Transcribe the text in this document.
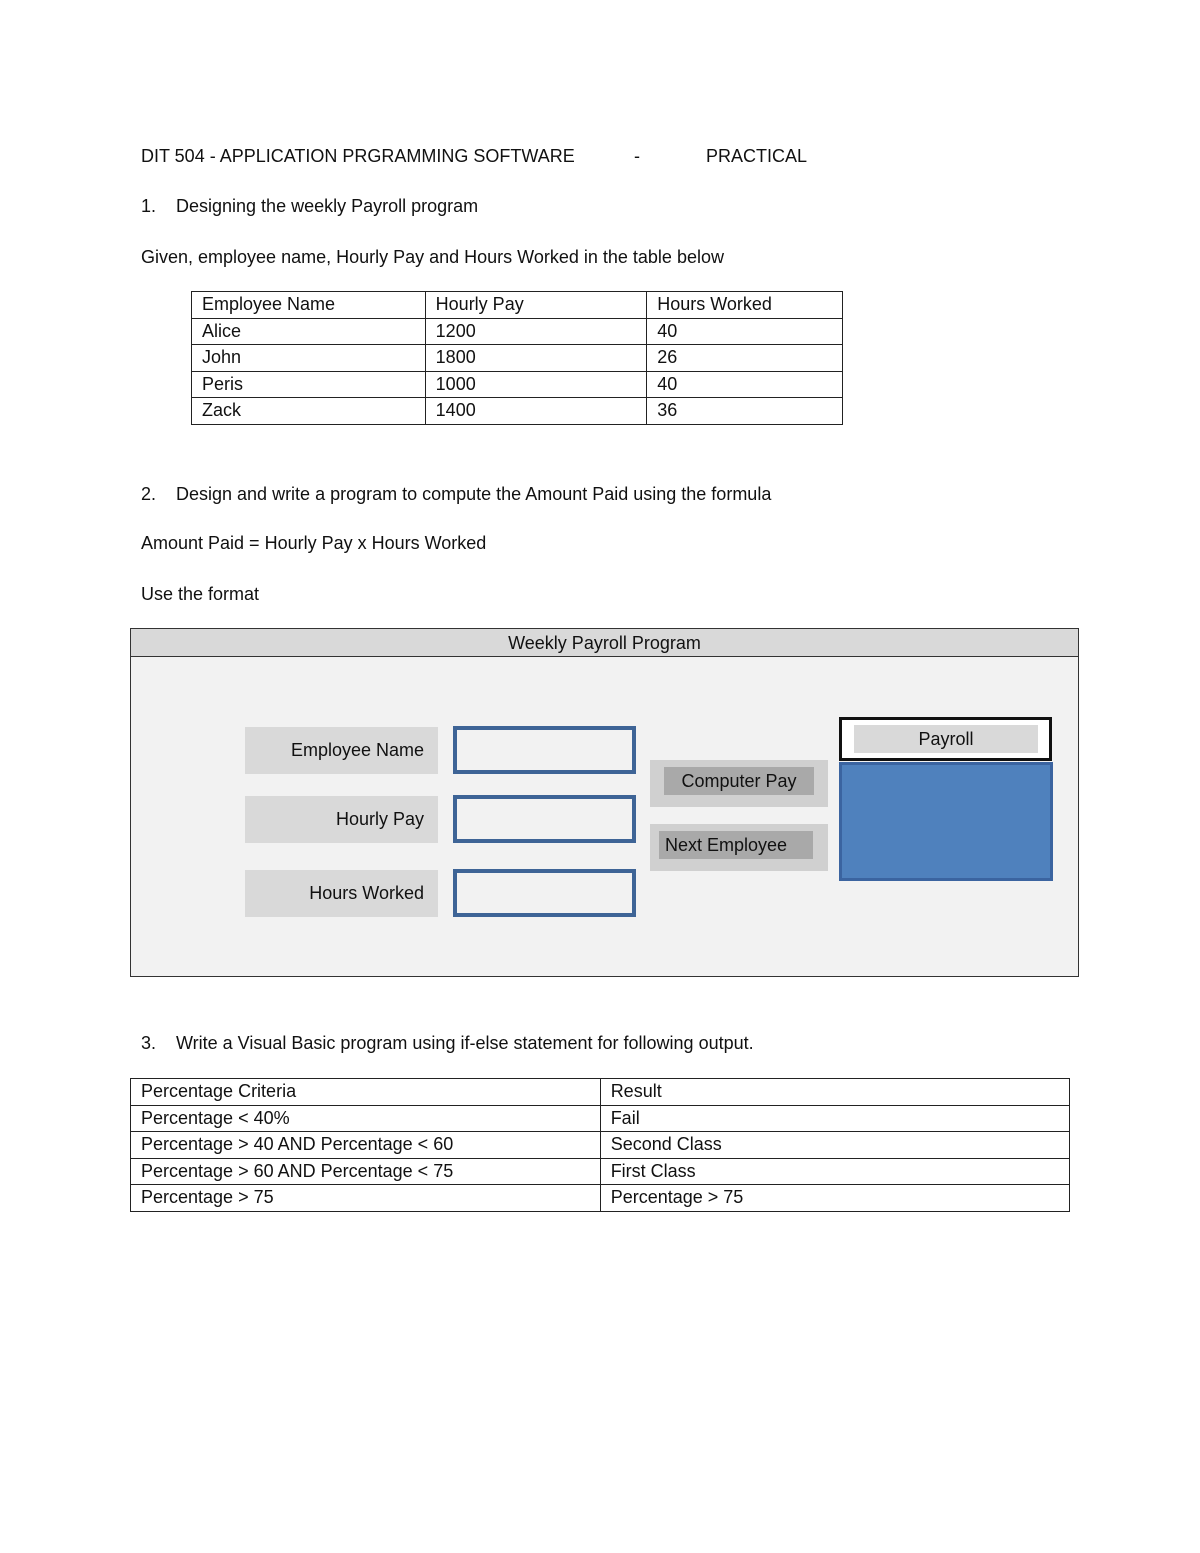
DIT 504 - APPLICATION PRGRAMMING SOFTWARE	-	PRACTICAL
1. Designing the weekly Payroll program
Given, employee name, Hourly Pay and Hours Worked in the table below
Employee Name	Hourly Pay	Hours Worked
Alice	1200	40
John	1800	26
Peris	1000	40
Zack	1400	36
2. Design and write a program to compute the Amount Paid using the formula
Amount Paid = Hourly Pay x Hours Worked
Use the format
Weekly Payroll Program
Employee Name
Hourly Pay
Hours Worked
Computer Pay
Next Employee
Payroll
3. Write a Visual Basic program using if-else statement for following output.
Percentage Criteria	Result
Percentage < 40%	Fail
Percentage > 40 AND Percentage < 60	Second Class
Percentage > 60 AND Percentage < 75	First Class
Percentage > 75	Percentage > 75
